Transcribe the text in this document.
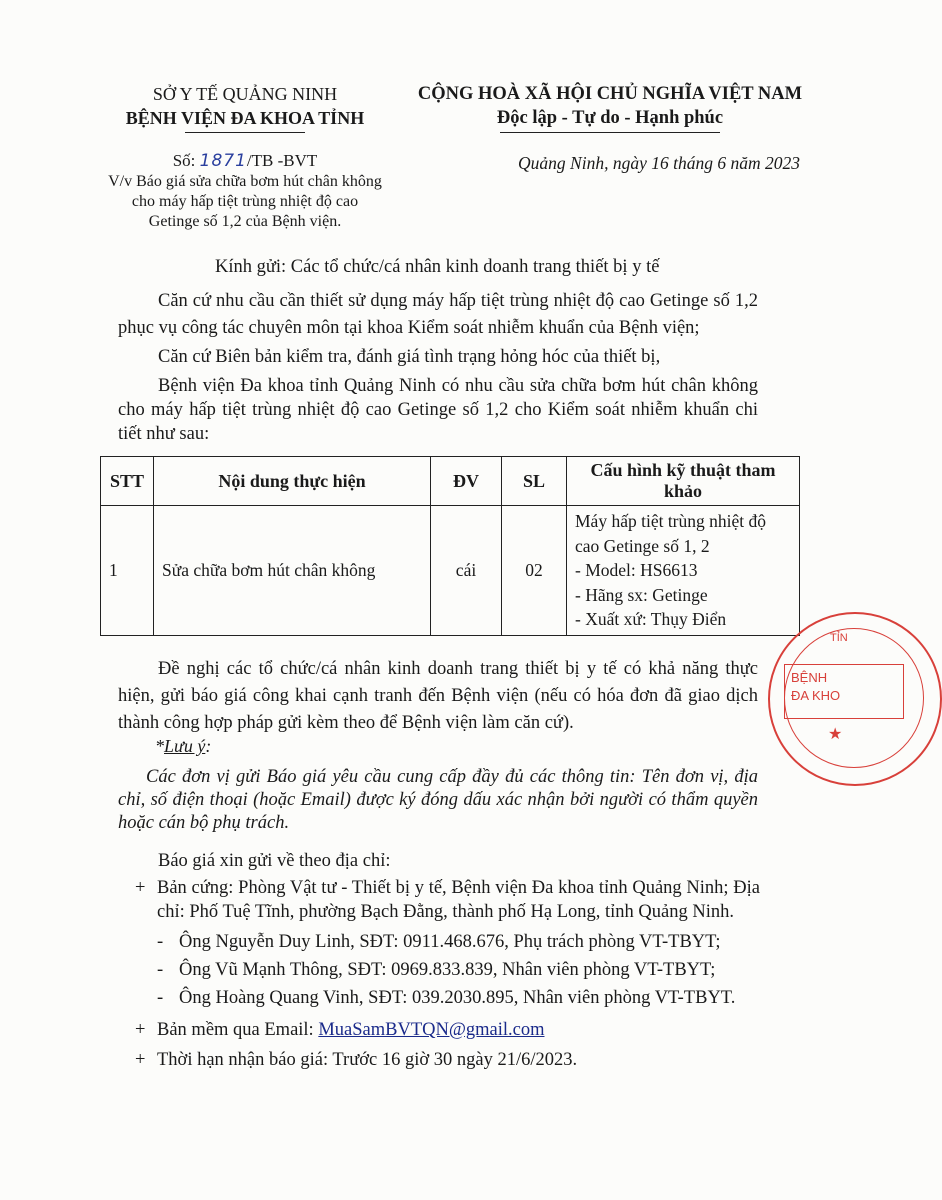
SỞ Y TẾ QUẢNG NINH
BỆNH VIỆN ĐA KHOA TỈNH
CỘNG HOÀ XÃ HỘI CHỦ NGHĨA VIỆT NAM
Độc lập - Tự do - Hạnh phúc
Số: 1871/TB -BVT
V/v Báo giá sửa chữa bơm hút chân không
cho máy hấp tiệt trùng nhiệt độ cao
Getinge số 1,2 của Bệnh viện.
Quảng Ninh, ngày 16 tháng 6 năm 2023
Kính gửi: Các tổ chức/cá nhân kinh doanh trang thiết bị y tế
Căn cứ nhu cầu cần thiết sử dụng máy hấp tiệt trùng nhiệt độ cao Getinge số 1,2 phục vụ công tác chuyên môn tại khoa Kiểm soát nhiễm khuẩn của Bệnh viện;
Căn cứ Biên bản kiểm tra, đánh giá tình trạng hỏng hóc của thiết bị,
Bệnh viện Đa khoa tỉnh Quảng Ninh có nhu cầu sửa chữa bơm hút chân không cho máy hấp tiệt trùng nhiệt độ cao Getinge số 1,2 cho Kiểm soát nhiễm khuẩn chi tiết như sau:
STT	Nội dung thực hiện	ĐV	SL	Cấu hình kỹ thuật tham khảo
1	Sửa chữa bơm hút chân không	cái	02	Máy hấp tiệt trùng nhiệt độ cao Getinge số 1, 2
- Model: HS6613
- Hãng sx: Getinge
- Xuất xứ: Thụy Điển
Đề nghị các tổ chức/cá nhân kinh doanh trang thiết bị y tế có khả năng thực hiện, gửi báo giá công khai cạnh tranh đến Bệnh viện (nếu có hóa đơn đã giao dịch thành công hợp pháp gửi kèm theo để Bệnh viện làm căn cứ).
*Lưu ý:
Các đơn vị gửi Báo giá yêu cầu cung cấp đầy đủ các thông tin: Tên đơn vị, địa chỉ, số điện thoại (hoặc Email) được ký đóng dấu xác nhận bởi người có thẩm quyền hoặc cán bộ phụ trách.
Báo giá xin gửi về theo địa chỉ:
+ Bản cứng: Phòng Vật tư - Thiết bị y tế, Bệnh viện Đa khoa tỉnh Quảng Ninh; Địa chỉ: Phố Tuệ Tĩnh, phường Bạch Đằng, thành phố Hạ Long, tỉnh Quảng Ninh.
- Ông Nguyễn Duy Linh, SĐT: 0911.468.676, Phụ trách phòng VT-TBYT;
- Ông Vũ Mạnh Thông, SĐT: 0969.833.839, Nhân viên phòng VT-TBYT;
- Ông Hoàng Quang Vinh, SĐT: 039.2030.895, Nhân viên phòng VT-TBYT.
+ Bản mềm qua Email: MuaSamBVTQN@gmail.com
+ Thời hạn nhận báo giá: Trước 16 giờ 30 ngày 21/6/2023.
TỈN
BỆNH
ĐA KHO
★
